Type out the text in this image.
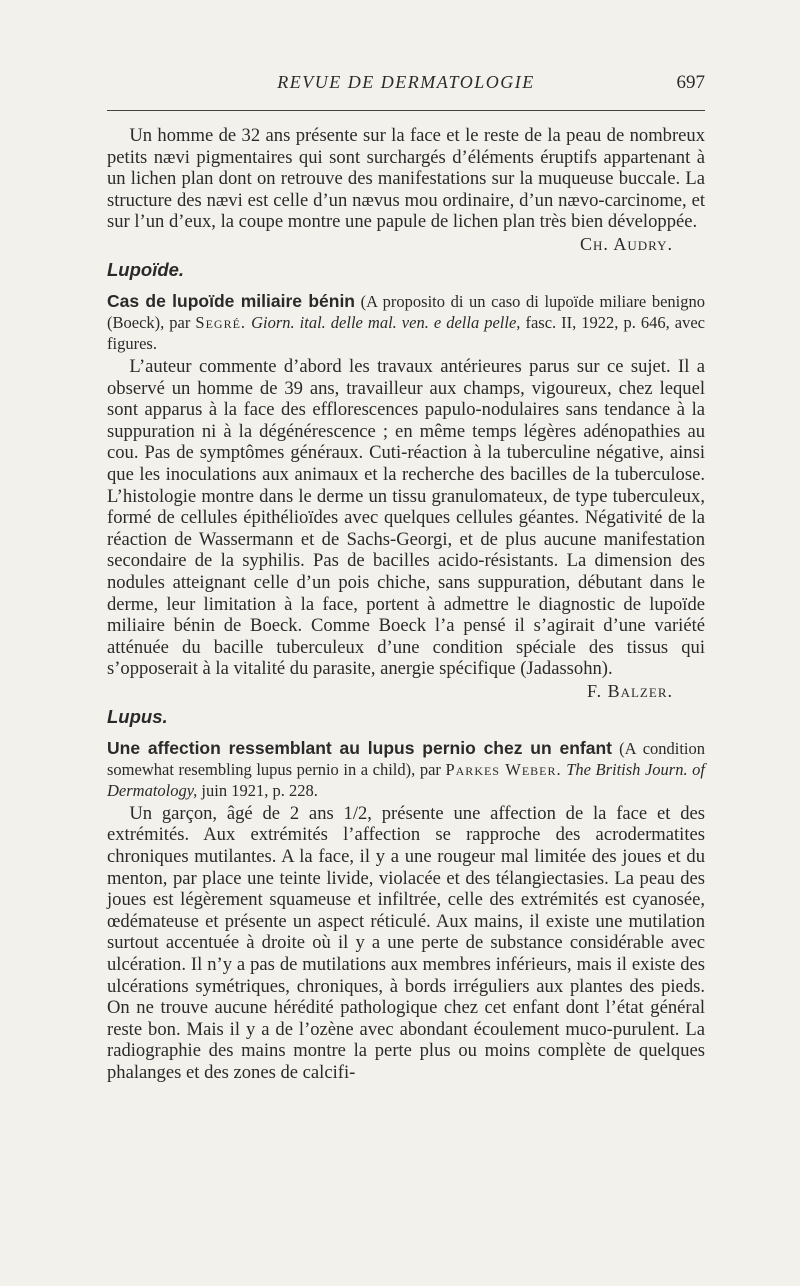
REVUE DE DERMATOLOGIE	697

Un homme de 32 ans présente sur la face et le reste de la peau de nombreux petits nævi pigmentaires qui sont surchargés d’éléments éruptifs appartenant à un lichen plan dont on retrouve des manifestations sur la muqueuse buccale. La structure des nævi est celle d’un nævus mou ordinaire, d’un nævo-carcinome, et sur l’un d’eux, la coupe montre une papule de lichen plan très bien développée.

Ch. Audry.
Lupoïde.
Cas de lupoïde miliaire bénin (A proposito di un caso di lupoïde miliare benigno (Boeck), par Segré. Giorn. ital. delle mal. ven. e della pelle, fasc. II, 1922, p. 646, avec figures.

L’auteur commente d’abord les travaux antérieures parus sur ce sujet. Il a observé un homme de 39 ans, travailleur aux champs, vigoureux, chez lequel sont apparus à la face des efflorescences papulo-nodulaires sans tendance à la suppuration ni à la dégénérescence ; en même temps légères adénopathies au cou. Pas de symptômes généraux. Cuti-réaction à la tuberculine négative, ainsi que les inoculations aux animaux et la recherche des bacilles de la tuberculose. L’histologie montre dans le derme un tissu granulomateux, de type tuberculeux, formé de cellules épithélioïdes avec quelques cellules géantes. Négativité de la réaction de Wassermann et de Sachs-Georgi, et de plus aucune manifestation secondaire de la syphilis. Pas de bacilles acido-résistants. La dimension des nodules atteignant celle d’un pois chiche, sans suppuration, débutant dans le derme, leur limitation à la face, portent à admettre le diagnostic de lupoïde miliaire bénin de Boeck. Comme Boeck l’a pensé il s’agirait d’une variété atténuée du bacille tuberculeux d’une condition spéciale des tissus qui s’opposerait à la vitalité du parasite, anergie spécifique (Jadassohn).

F. Balzer.
Lupus.
Une affection ressemblant au lupus pernio chez un enfant (A condition somewhat resembling lupus pernio in a child), par Parkes Weber. The British Journ. of Dermatology, juin 1921, p. 228.

Un garçon, âgé de 2 ans 1/2, présente une affection de la face et des extrémités. Aux extrémités l’affection se rapproche des acrodermatites chroniques mutilantes. A la face, il y a une rougeur mal limitée des joues et du menton, par place une teinte livide, violacée et des télangiectasies. La peau des joues est légèrement squameuse et infiltrée, celle des extrémités est cyanosée, œdémateuse et présente un aspect réticulé. Aux mains, il existe une mutilation surtout accentuée à droite où il y a une perte de substance considérable avec ulcération. Il n’y a pas de mutilations aux membres inférieurs, mais il existe des ulcérations symétriques, chroniques, à bords irréguliers aux plantes des pieds. On ne trouve aucune hérédité pathologique chez cet enfant dont l’état général reste bon. Mais il y a de l’ozène avec abondant écoulement muco-purulent. La radiographie des mains montre la perte plus ou moins complète de quelques phalanges et des zones de calcifi-
